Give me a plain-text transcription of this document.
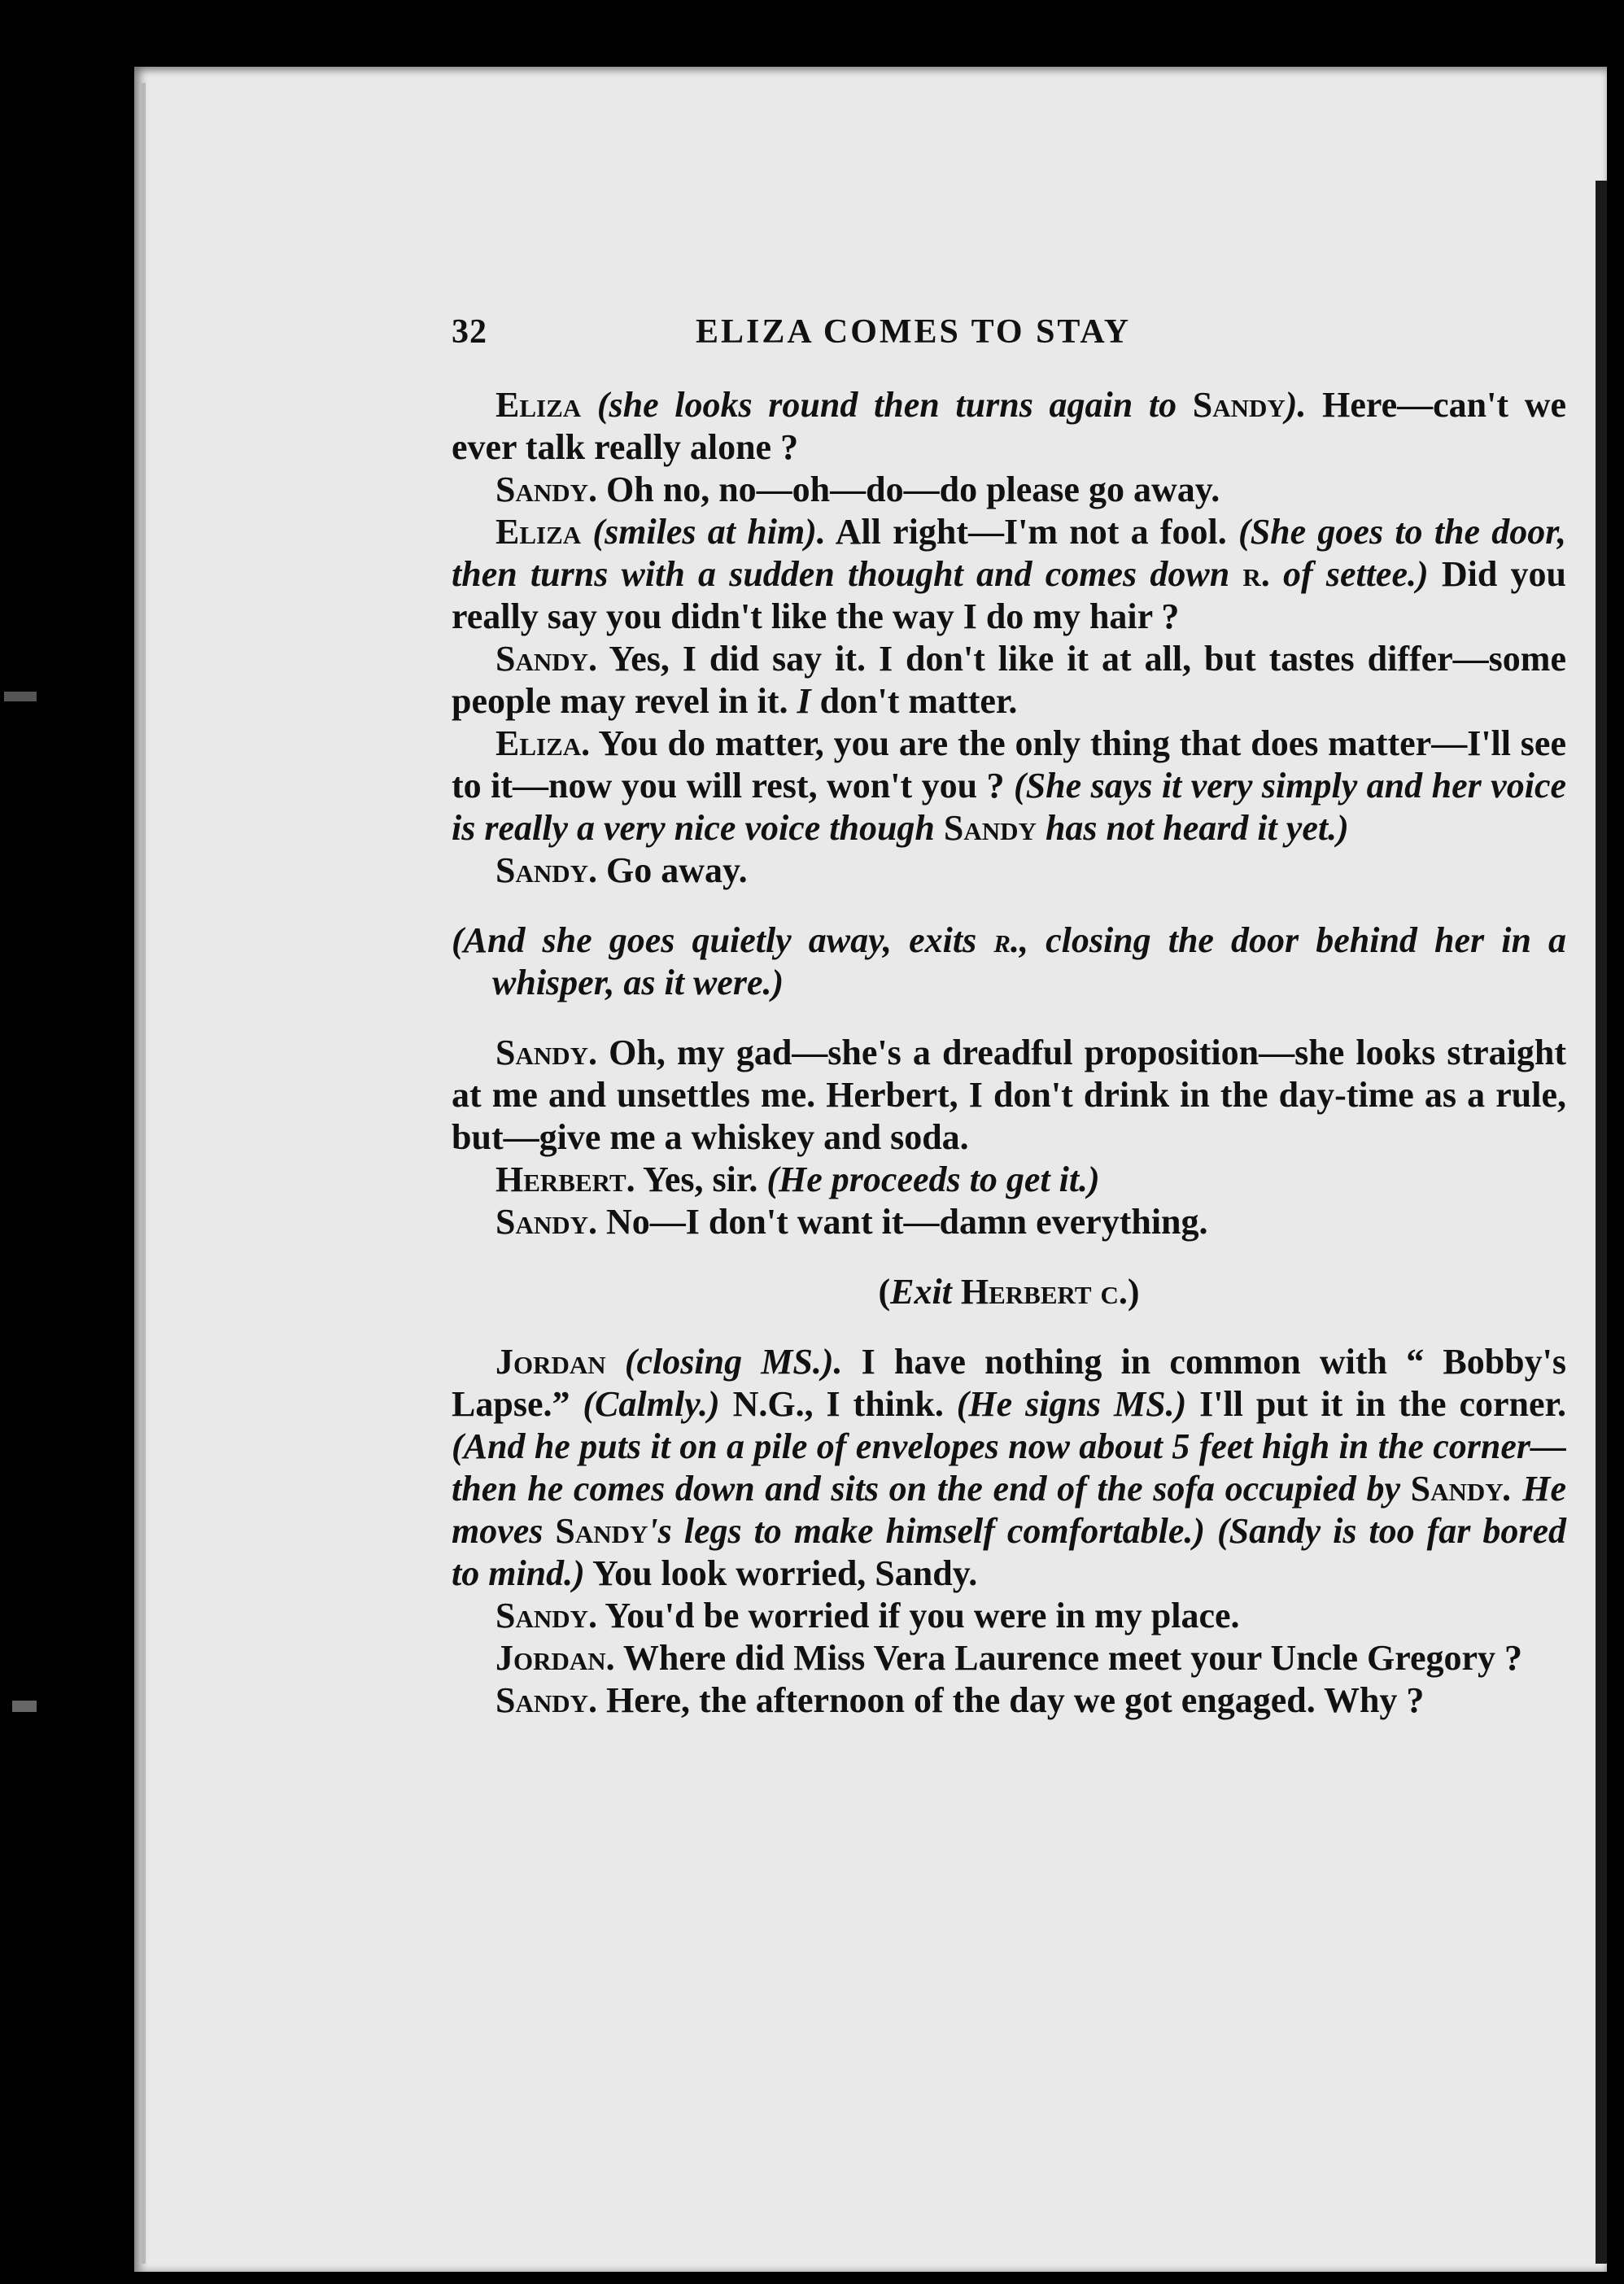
32	ELIZA COMES TO STAY

Eliza (she looks round then turns again to Sandy). Here—can't we ever talk really alone ?

Sandy. Oh no, no—oh—do—do please go away.

Eliza (smiles at him). All right—I'm not a fool. (She goes to the door, then turns with a sudden thought and comes down r. of settee.) Did you really say you didn't like the way I do my hair ?

Sandy. Yes, I did say it. I don't like it at all, but tastes differ—some people may revel in it. I don't matter.

Eliza. You do matter, you are the only thing that does matter—I'll see to it—now you will rest, won't you ? (She says it very simply and her voice is really a very nice voice though Sandy has not heard it yet.)

Sandy. Go away.

(And she goes quietly away, exits r., closing the door behind her in a whisper, as it were.)

Sandy. Oh, my gad—she's a dreadful proposition—she looks straight at me and unsettles me. Herbert, I don't drink in the day-time as a rule, but—give me a whiskey and soda.

Herbert. Yes, sir. (He proceeds to get it.)

Sandy. No—I don't want it—damn everything.

(Exit Herbert c.)

Jordan (closing MS.). I have nothing in common with “ Bobby's Lapse.” (Calmly.) N.G., I think. (He signs MS.) I'll put it in the corner. (And he puts it on a pile of envelopes now about 5 feet high in the corner—then he comes down and sits on the end of the sofa occupied by Sandy. He moves Sandy's legs to make himself comfortable.) (Sandy is too far bored to mind.) You look worried, Sandy.

Sandy. You'd be worried if you were in my place.

Jordan. Where did Miss Vera Laurence meet your Uncle Gregory ?

Sandy. Here, the afternoon of the day we got engaged. Why ?
